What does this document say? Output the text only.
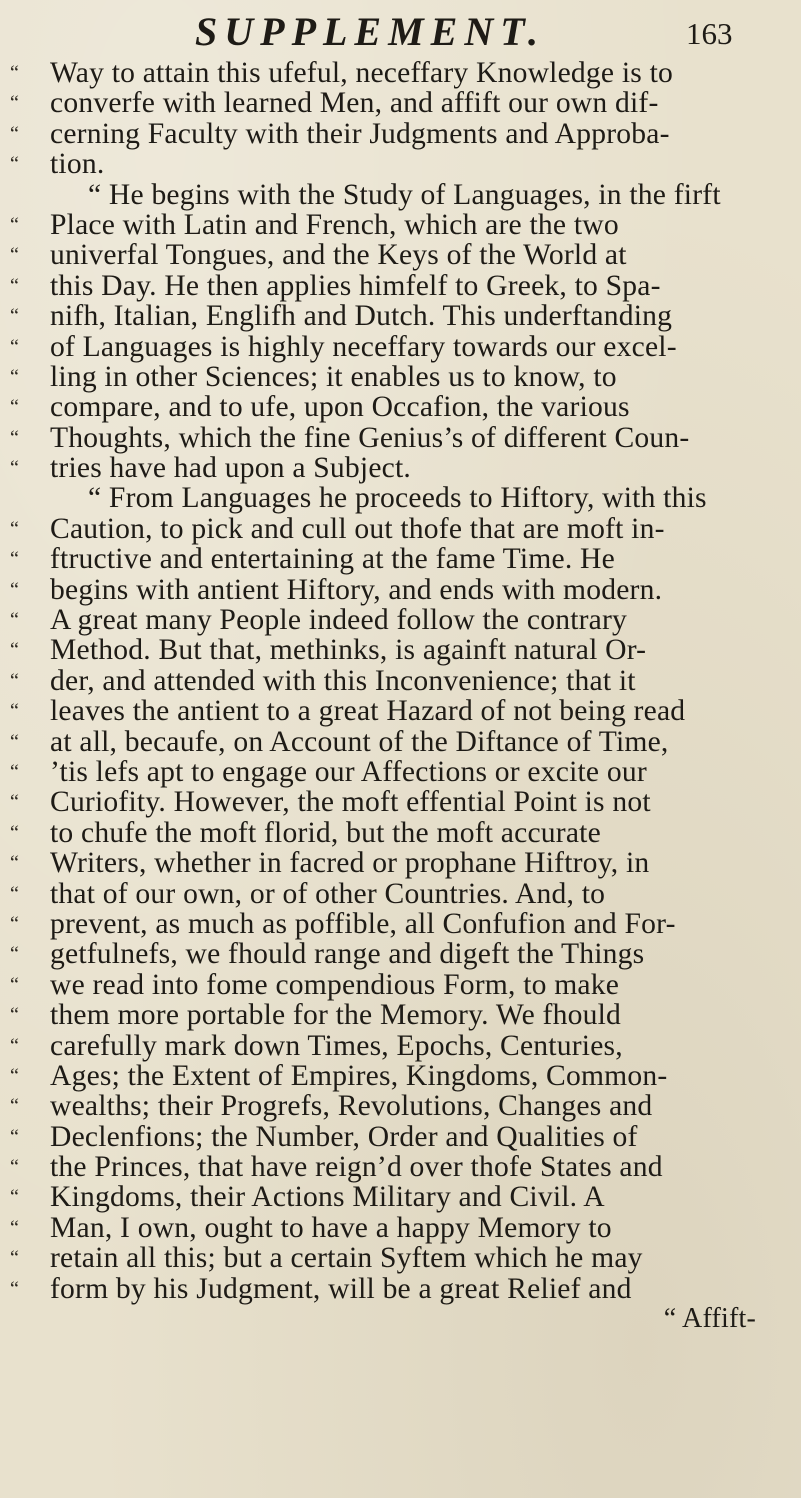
SUPPLEMENT.	163
“	Way to attain this ufeful, neceffary Knowledge is to
“	converfe with learned Men, and affift our own dif-
“	cerning Faculty with their Judgments and Approba-
“	tion.
“ He begins with the Study of Languages, in the firft
“	Place with Latin and French, which are the two
“	univerfal Tongues, and the Keys of the World at
“	this Day. He then applies himfelf to Greek, to Spa-
“	nifh, Italian, Englifh and Dutch. This underftanding
“	of Languages is highly neceffary towards our excel-
“	ling in other Sciences; it enables us to know, to
“	compare, and to ufe, upon Occafion, the various
“	Thoughts, which the fine Genius’s of different Coun-
“	tries have had upon a Subject.
“ From Languages he proceeds to Hiftory, with this
“	Caution, to pick and cull out thofe that are moft in-
“	ftructive and entertaining at the fame Time. He
“	begins with antient Hiftory, and ends with modern.
“	A great many People indeed follow the contrary
“	Method. But that, methinks, is againft natural Or-
“	der, and attended with this Inconvenience; that it
“	leaves the antient to a great Hazard of not being read
“	at all, becaufe, on Account of the Diftance of Time,
“	’tis lefs apt to engage our Affections or excite our
“	Curiofity. However, the moft effential Point is not
“	to chufe the moft florid, but the moft accurate
“	Writers, whether in facred or prophane Hiftroy, in
“	that of our own, or of other Countries. And, to
“	prevent, as much as poffible, all Confufion and For-
“	getfulnefs, we fhould range and digeft the Things
“	we read into fome compendious Form, to make
“	them more portable for the Memory. We fhould
“	carefully mark down Times, Epochs, Centuries,
“	Ages; the Extent of Empires, Kingdoms, Common-
“	wealths; their Progrefs, Revolutions, Changes and
“	Declenfions; the Number, Order and Qualities of
“	the Princes, that have reign’d over thofe States and
“	Kingdoms, their Actions Military and Civil. A
“	Man, I own, ought to have a happy Memory to
“	retain all this; but a certain Syftem which he may
“	form by his Judgment, will be a great Relief and
“ Affift-
